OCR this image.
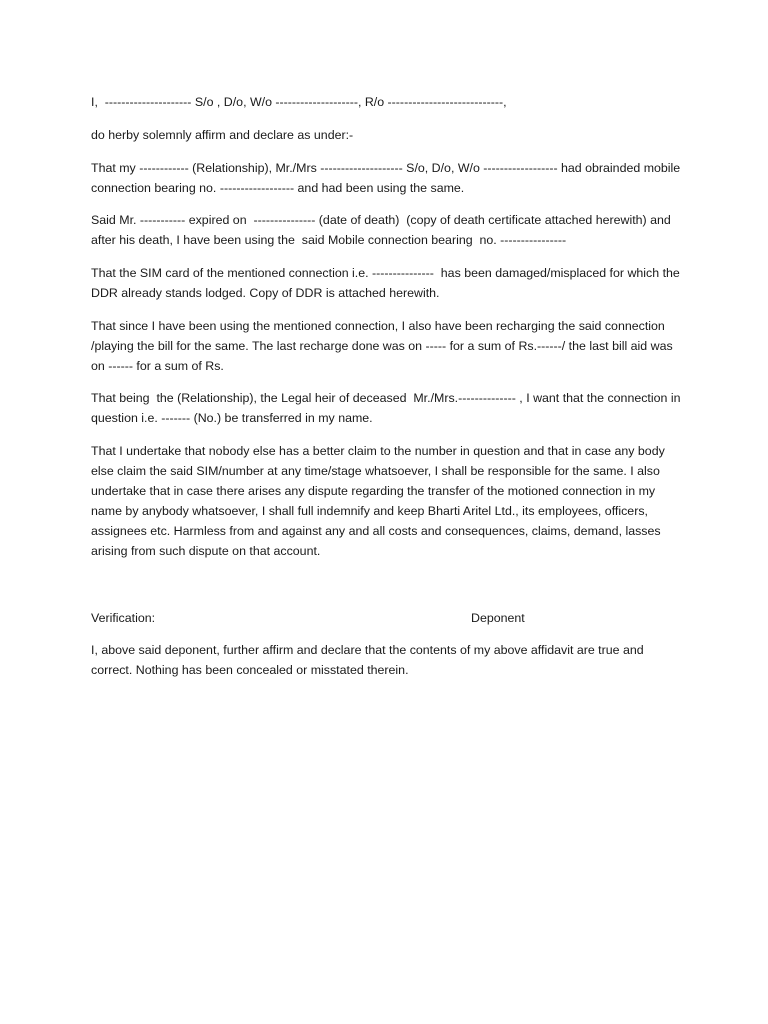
I,  --------------------- S/o , D/o, W/o --------------------, R/o ----------------------------,

do herby solemnly affirm and declare as under:-

That my ------------ (Relationship), Mr./Mrs -------------------- S/o, D/o, W/o ------------------ had obrainded mobile connection bearing no. ------------------ and had been using the same.

Said Mr. ----------- expired on  --------------- (date of death)  (copy of death certificate attached herewith) and after his death, I have been using the  said Mobile connection bearing  no. ----------------

That the SIM card of the mentioned connection i.e. ---------------  has been damaged/misplaced for which the DDR already stands lodged. Copy of DDR is attached herewith.

That since I have been using the mentioned connection, I also have been recharging the said connection /playing the bill for the same. The last recharge done was on ----- for a sum of Rs.------/ the last bill aid was on ------ for a sum of Rs.

That being  the (Relationship), the Legal heir of deceased  Mr./Mrs.-------------- , I want that the connection in question i.e. ------- (No.) be transferred in my name.

That I undertake that nobody else has a better claim to the number in question and that in case any body else claim the said SIM/number at any time/stage whatsoever, I shall be responsible for the same. I also undertake that in case there arises any dispute regarding the transfer of the motioned connection in my name by anybody whatsoever, I shall full indemnify and keep Bharti Aritel Ltd., its employees, officers, assignees etc. Harmless from and against any and all costs and consequences, claims, demand, lasses arising from such dispute on that account.

Verification:	Deponent

I, above said deponent, further affirm and declare that the contents of my above affidavit are true and correct. Nothing has been concealed or misstated therein.
